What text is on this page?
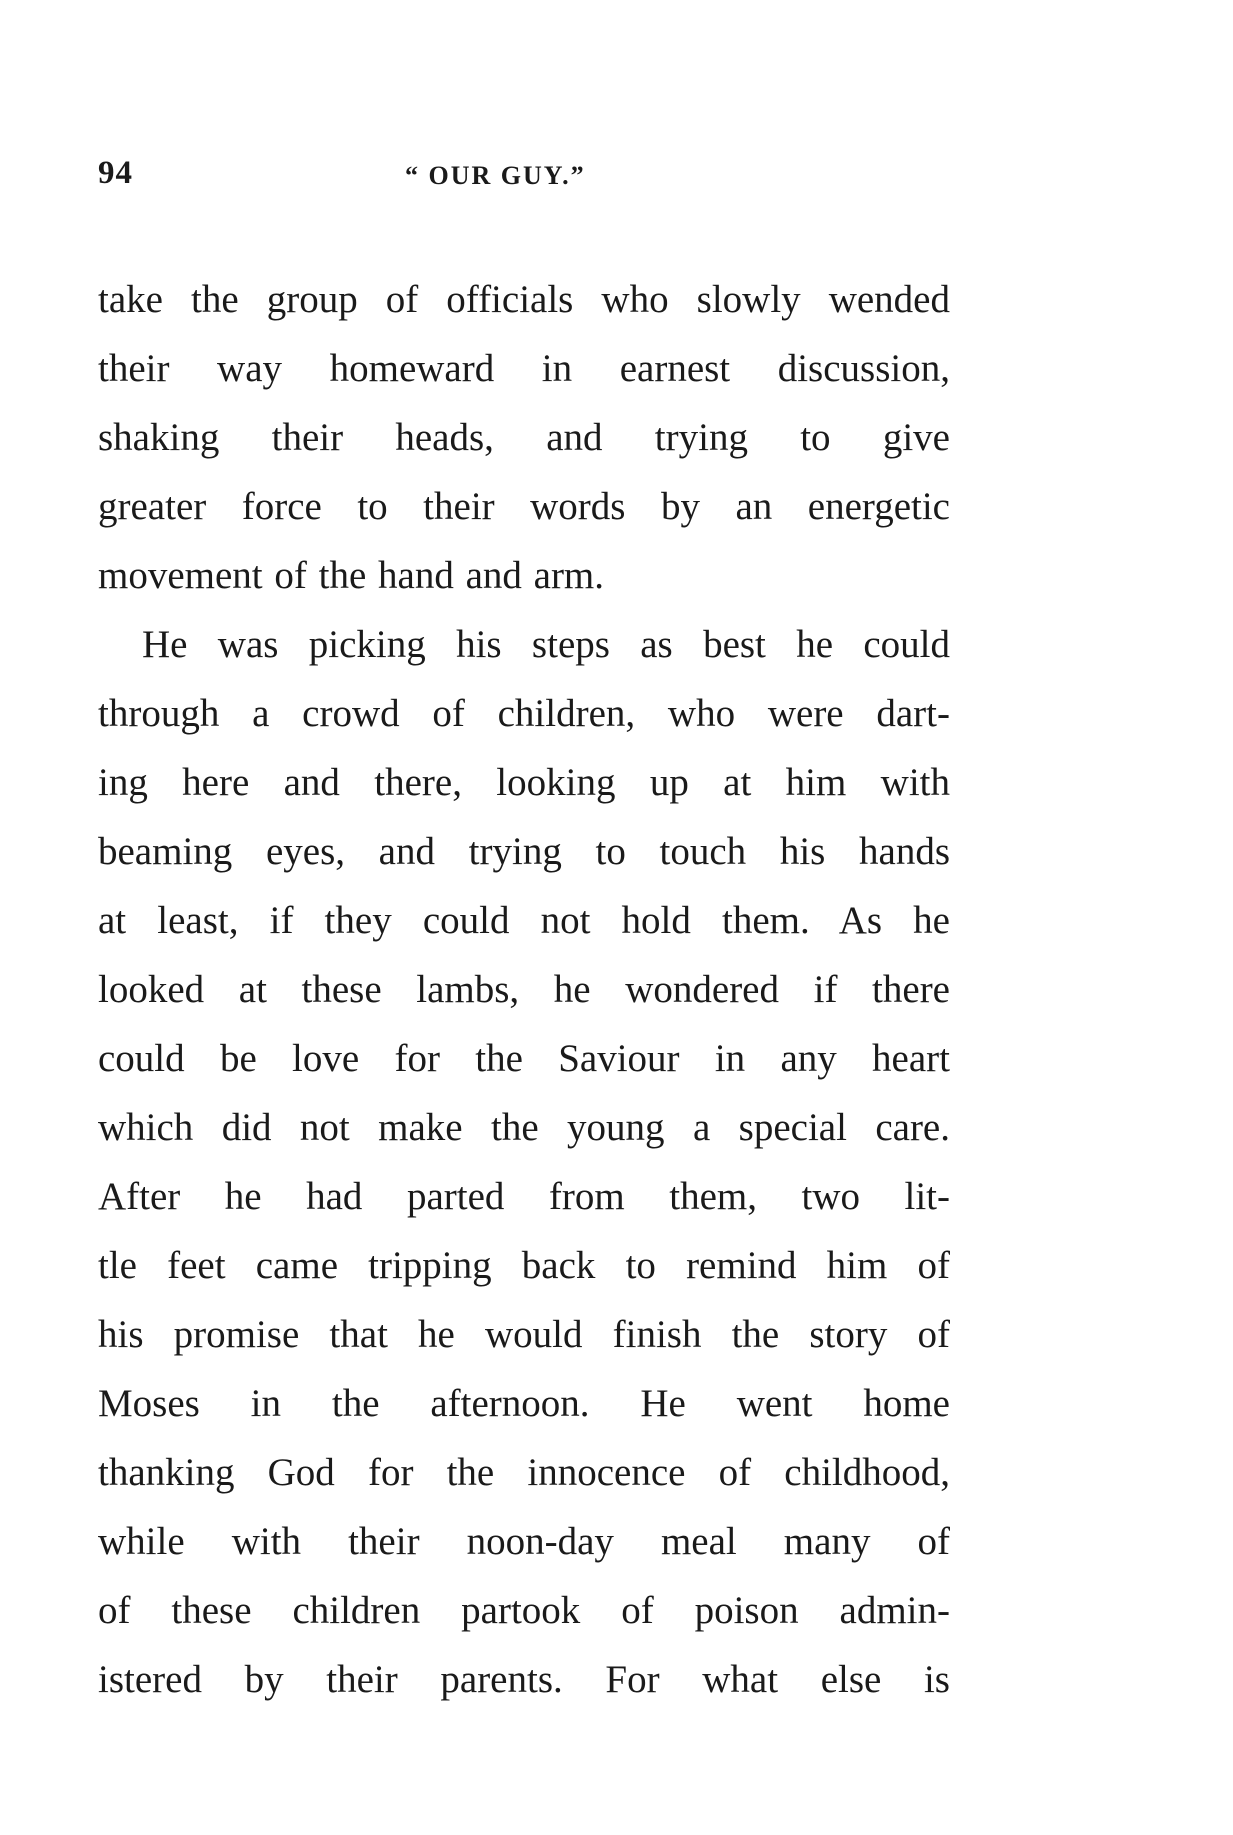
94	“ OUR GUY.”
take the group of officials who slowly wended
their way homeward in earnest discussion,
shaking their heads, and trying to give
greater force to their words by an energetic
movement of the hand and arm.
He was picking his steps as best he could
through a crowd of children, who were dart-
ing here and there, looking up at him with
beaming eyes, and trying to touch his hands
at least, if they could not hold them. As he
looked at these lambs, he wondered if there
could be love for the Saviour in any heart
which did not make the young a special care.
After he had parted from them, two lit-
tle feet came tripping back to remind him of
his promise that he would finish the story of
Moses in the afternoon. He went home
thanking God for the innocence of childhood,
while with their noon-day meal many of
of these children partook of poison admin-
istered by their parents. For what else is
